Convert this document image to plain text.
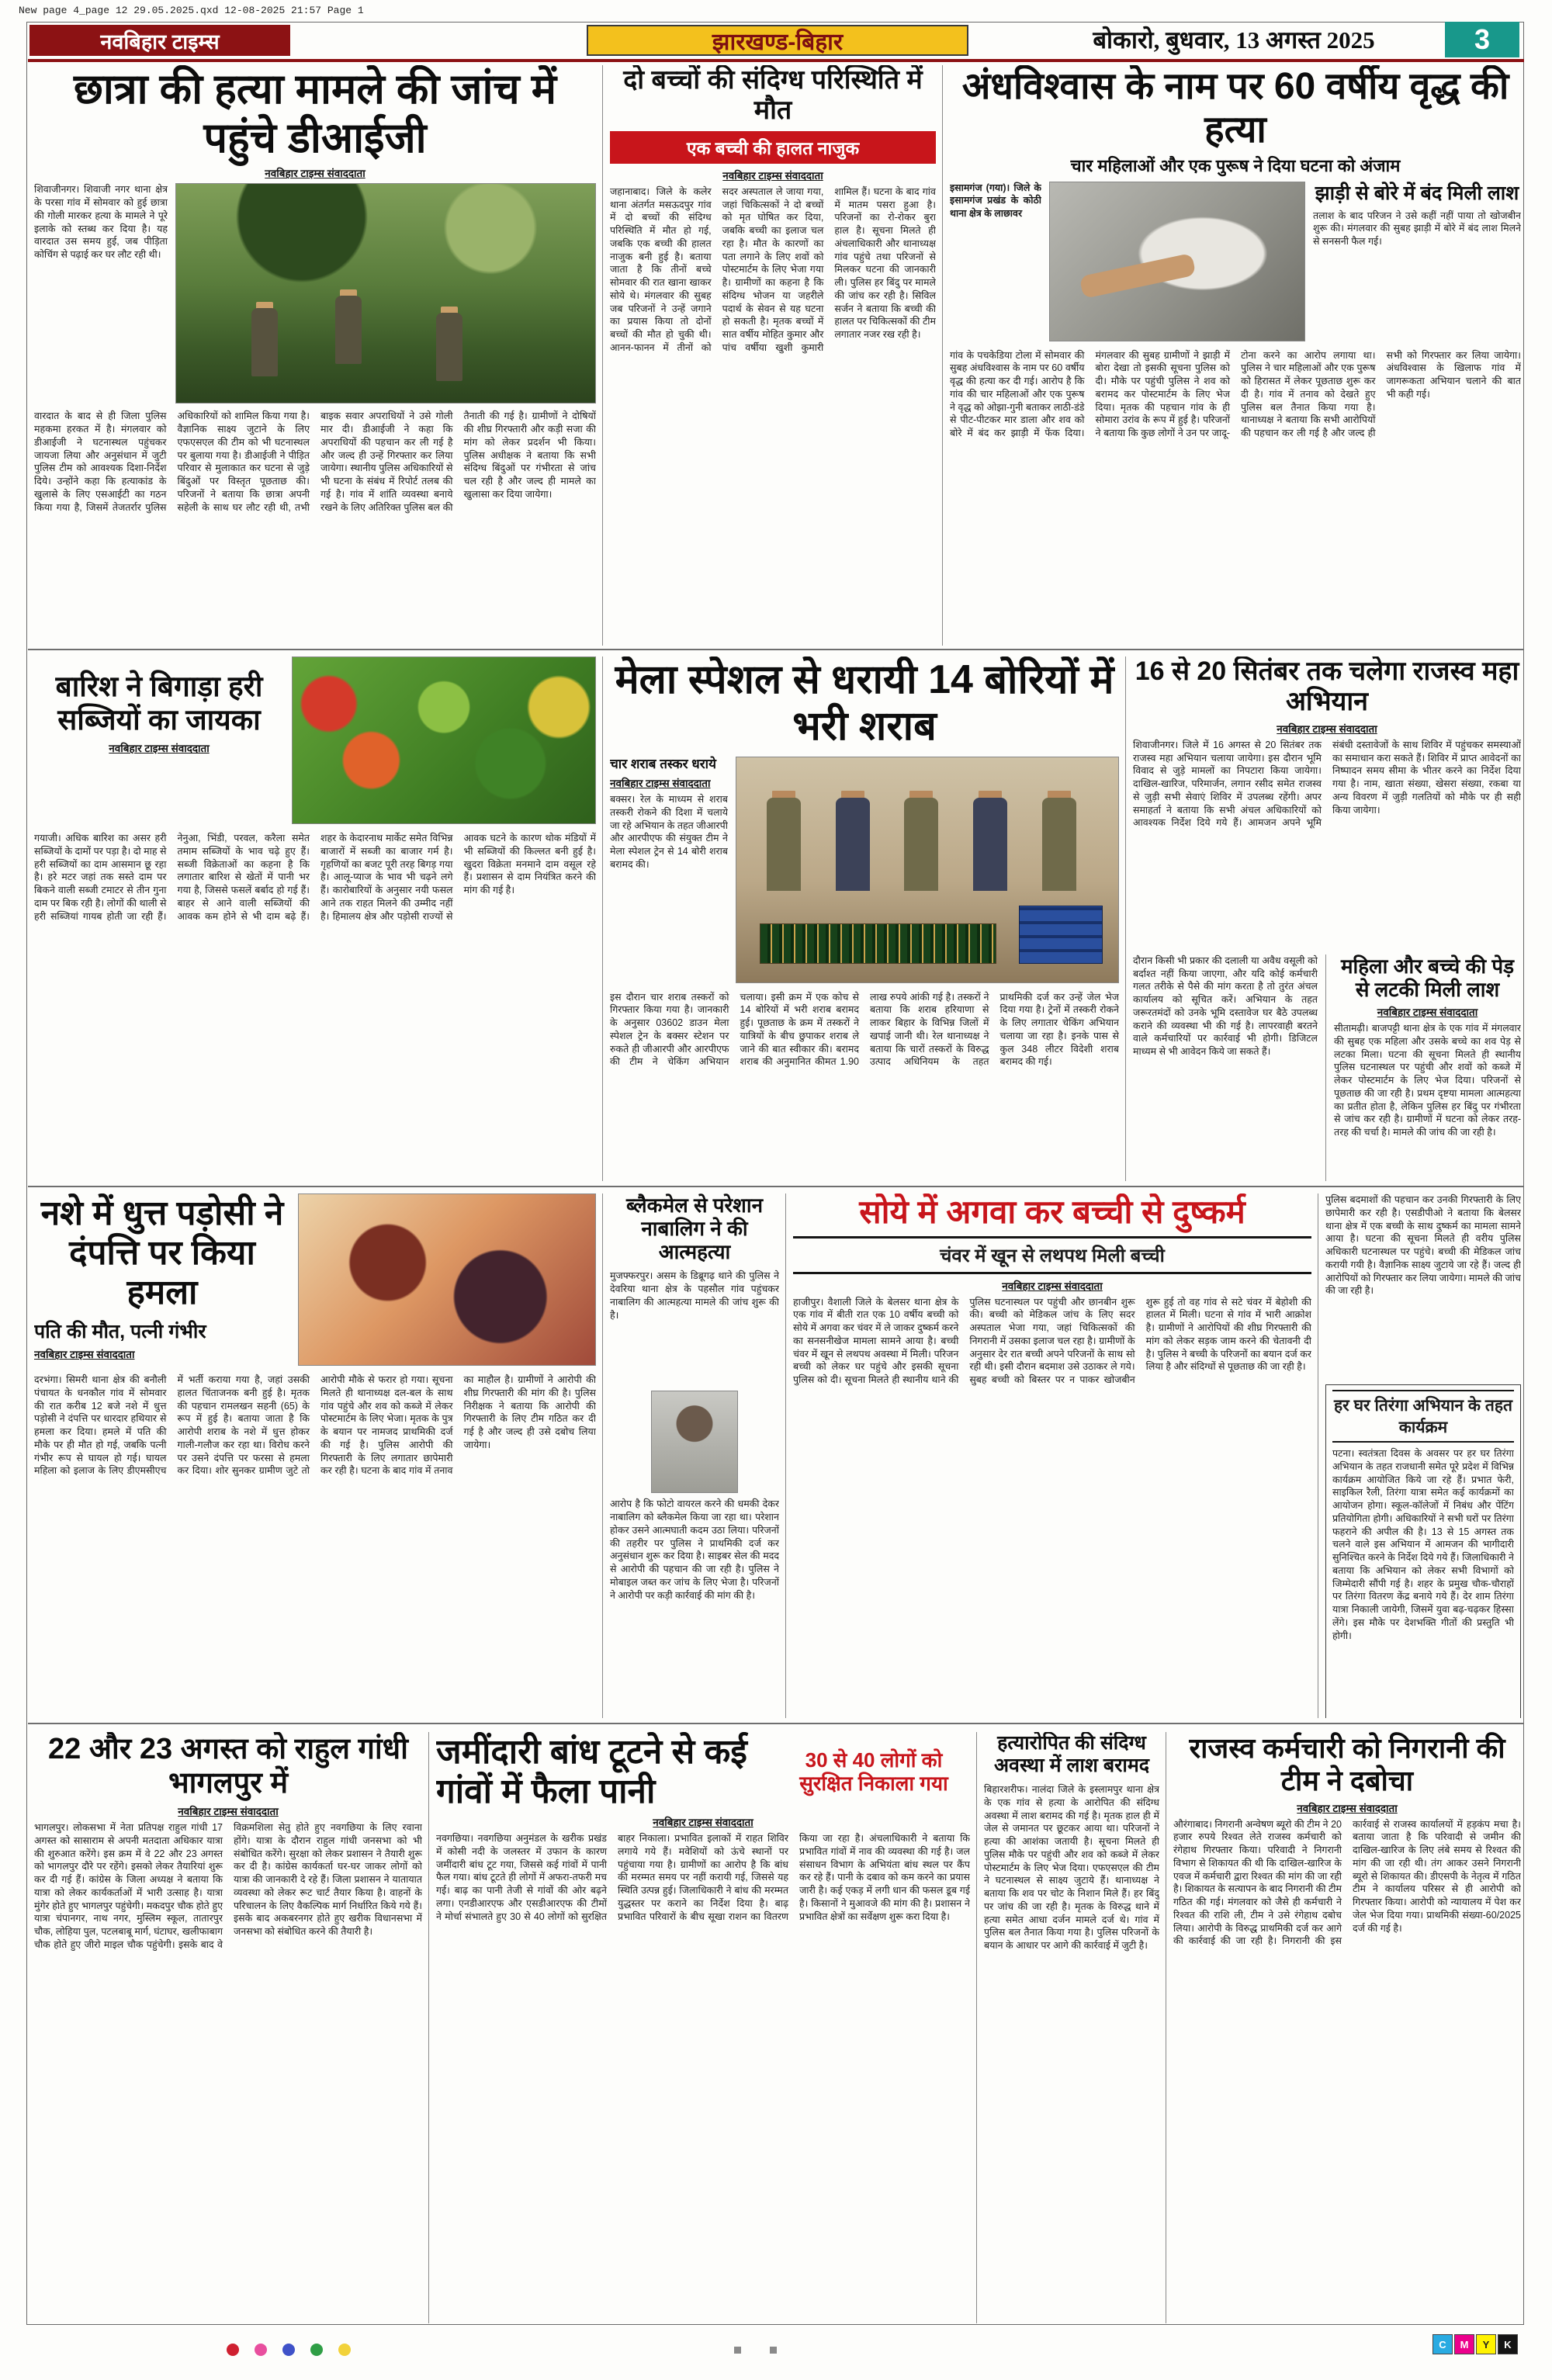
New page 4_page 12 29.05.2025.qxd 12-08-2025 21:57 Page 1
नवबिहार टाइम्स	झारखण्ड-बिहार	बोकारो, बुधवार, 13 अगस्त 2025	3
छात्रा की हत्या मामले की जांच में पहुंचे डीआईजी
नवबिहार टाइम्स संवाददाता
शिवाजीनगर। शिवाजी नगर थाना क्षेत्र के परसा गांव में सोमवार को हुई छात्रा की गोली मारकर हत्या के मामले ने पूरे इलाके को स्तब्ध कर दिया है। यह वारदात उस समय हुई, जब पीड़िता कोचिंग से पढ़ाई कर घर लौट रही थी।
वारदात के बाद से ही जिला पुलिस महकमा हरकत में है। मंगलवार को डीआईजी ने घटनास्थल पहुंचकर जायजा लिया और अनुसंधान में जुटी पुलिस टीम को आवश्यक दिशा-निर्देश दिये। उन्होंने कहा कि हत्याकांड के खुलासे के लिए एसआईटी का गठन किया गया है, जिसमें तेजतर्रार पुलिस अधिकारियों को शामिल किया गया है। वैज्ञानिक साक्ष्य जुटाने के लिए एफएसएल की टीम को भी घटनास्थल पर बुलाया गया है। डीआईजी ने पीड़ित परिवार से मुलाकात कर घटना से जुड़े बिंदुओं पर विस्तृत पूछताछ की। परिजनों ने बताया कि छात्रा अपनी सहेली के साथ घर लौट रही थी, तभी बाइक सवार अपराधियों ने उसे गोली मार दी। डीआईजी ने कहा कि अपराधियों की पहचान कर ली गई है और जल्द ही उन्हें गिरफ्तार कर लिया जायेगा। स्थानीय पुलिस अधिकारियों से भी घटना के संबंध में रिपोर्ट तलब की गई है। गांव में शांति व्यवस्था बनाये रखने के लिए अतिरिक्त पुलिस बल की तैनाती की गई है। ग्रामीणों ने दोषियों की शीघ्र गिरफ्तारी और कड़ी सजा की मांग को लेकर प्रदर्शन भी किया। पुलिस अधीक्षक ने बताया कि सभी संदिग्ध बिंदुओं पर गंभीरता से जांच चल रही है और जल्द ही मामले का खुलासा कर दिया जायेगा।
दो बच्चों की संदिग्ध परिस्थिति में मौत
एक बच्ची की हालत नाजुक
नवबिहार टाइम्स संवाददाता
जहानाबाद। जिले के कलेर थाना अंतर्गत मसऊदपुर गांव में दो बच्चों की संदिग्ध परिस्थिति में मौत हो गई, जबकि एक बच्ची की हालत नाजुक बनी हुई है। बताया जाता है कि तीनों बच्चे सोमवार की रात खाना खाकर सोये थे। मंगलवार की सुबह जब परिजनों ने उन्हें जगाने का प्रयास किया तो दोनों बच्चों की मौत हो चुकी थी। आनन-फानन में तीनों को सदर अस्पताल ले जाया गया, जहां चिकित्सकों ने दो बच्चों को मृत घोषित कर दिया, जबकि बच्ची का इलाज चल रहा है। मौत के कारणों का पता लगाने के लिए शवों को पोस्टमार्टम के लिए भेजा गया है। ग्रामीणों का कहना है कि संदिग्ध भोजन या जहरीले पदार्थ के सेवन से यह घटना हो सकती है। मृतक बच्चों में सात वर्षीय मोहित कुमार और पांच वर्षीया खुशी कुमारी शामिल हैं। घटना के बाद गांव में मातम पसरा हुआ है। परिजनों का रो-रोकर बुरा हाल है। सूचना मिलते ही अंचलाधिकारी और थानाध्यक्ष गांव पहुंचे तथा परिजनों से मिलकर घटना की जानकारी ली। पुलिस हर बिंदु पर मामले की जांच कर रही है। सिविल सर्जन ने बताया कि बच्ची की हालत पर चिकित्सकों की टीम लगातार नजर रख रही है।
अंधविश्वास के नाम पर 60 वर्षीय वृद्ध की हत्या
चार महिलाओं और एक पुरूष ने दिया घटना को अंजाम
इसामगंज (गया)। जिले के इसामगंज प्रखंड के कोठी थाना क्षेत्र के लाछावर
झाड़ी से बोरे में बंद मिली लाश
तलाश के बाद परिजन ने उसे कहीं नहीं पाया तो खोजबीन शुरू की। मंगलवार की सुबह झाड़ी में बोरे में बंद लाश मिलने से सनसनी फैल गई।
गांव के पचकेडिया टोला में सोमवार की सुबह अंधविश्वास के नाम पर 60 वर्षीय वृद्ध की हत्या कर दी गई। आरोप है कि गांव की चार महिलाओं और एक पुरूष ने वृद्ध को ओझा-गुनी बताकर लाठी-डंडे से पीट-पीटकर मार डाला और शव को बोरे में बंद कर झाड़ी में फेंक दिया। मंगलवार की सुबह ग्रामीणों ने झाड़ी में बोरा देखा तो इसकी सूचना पुलिस को दी। मौके पर पहुंची पुलिस ने शव को बरामद कर पोस्टमार्टम के लिए भेज दिया। मृतक की पहचान गांव के ही सोमारा उरांव के रूप में हुई है। परिजनों ने बताया कि कुछ लोगों ने उन पर जादू-टोना करने का आरोप लगाया था। पुलिस ने चार महिलाओं और एक पुरूष को हिरासत में लेकर पूछताछ शुरू कर दी है। गांव में तनाव को देखते हुए पुलिस बल तैनात किया गया है। थानाध्यक्ष ने बताया कि सभी आरोपियों की पहचान कर ली गई है और जल्द ही सभी को गिरफ्तार कर लिया जायेगा। अंधविश्वास के खिलाफ गांव में जागरूकता अभियान चलाने की बात भी कही गई।
बारिश ने बिगाड़ा हरी सब्जियों का जायका
नवबिहार टाइम्स संवाददाता
गयाजी। अधिक बारिश का असर हरी सब्जियों के दामों पर पड़ा है। दो माह से हरी सब्जियों का दाम आसमान छू रहा है। हरे मटर जहां तक सस्ते दाम पर बिकने वाली सब्जी टमाटर से तीन गुना दाम पर बिक रही है। लोगों की थाली से हरी सब्जियां गायब होती जा रही हैं। नेनुआ, भिंडी, परवल, करैला समेत तमाम सब्जियों के भाव चढ़े हुए हैं। सब्जी विक्रेताओं का कहना है कि लगातार बारिश से खेतों में पानी भर गया है, जिससे फसलें बर्बाद हो गई हैं। बाहर से आने वाली सब्जियों की आवक कम होने से भी दाम बढ़े हैं। शहर के केदारनाथ मार्केट समेत विभिन्न बाजारों में सब्जी का बाजार गर्म है। गृहणियों का बजट पूरी तरह बिगड़ गया है। आलू-प्याज के भाव भी चढ़ने लगे हैं। कारोबारियों के अनुसार नयी फसल आने तक राहत मिलने की उम्मीद नहीं है। हिमालय क्षेत्र और पड़ोसी राज्यों से आवक घटने के कारण थोक मंडियों में भी सब्जियों की किल्लत बनी हुई है। खुदरा विक्रेता मनमाने दाम वसूल रहे हैं। प्रशासन से दाम नियंत्रित करने की मांग की गई है।
मेला स्पेशल से धरायी 14 बोरियों में भरी शराब
चार शराब तस्कर धराये
नवबिहार टाइम्स संवाददाता
बक्सर। रेल के माध्यम से शराब तस्करी रोकने की दिशा में चलाये जा रहे अभियान के तहत जीआरपी और आरपीएफ की संयुक्त टीम ने मेला स्पेशल ट्रेन से 14 बोरी शराब बरामद की।
इस दौरान चार शराब तस्करों को गिरफ्तार किया गया है। जानकारी के अनुसार 03602 डाउन मेला स्पेशल ट्रेन के बक्सर स्टेशन पर रुकते ही जीआरपी और आरपीएफ की टीम ने चेकिंग अभियान चलाया। इसी क्रम में एक कोच से 14 बोरियों में भरी शराब बरामद हुई। पूछताछ के क्रम में तस्करों ने यात्रियों के बीच छुपाकर शराब ले जाने की बात स्वीकार की। बरामद शराब की अनुमानित कीमत 1.90 लाख रुपये आंकी गई है। तस्करों ने बताया कि शराब हरियाणा से लाकर बिहार के विभिन्न जिलों में खपाई जानी थी। रेल थानाध्यक्ष ने बताया कि चारों तस्करों के विरुद्ध उत्पाद अधिनियम के तहत प्राथमिकी दर्ज कर उन्हें जेल भेज दिया गया है। ट्रेनों में तस्करी रोकने के लिए लगातार चेकिंग अभियान चलाया जा रहा है। इनके पास से कुल 348 लीटर विदेशी शराब बरामद की गई।
16 से 20 सितंबर तक चलेगा राजस्व महा अभियान
नवबिहार टाइम्स संवाददाता
शिवाजीनगर। जिले में 16 अगस्त से 20 सितंबर तक राजस्व महा अभियान चलाया जायेगा। इस दौरान भूमि विवाद से जुड़े मामलों का निपटारा किया जायेगा। दाखिल-खारिज, परिमार्जन, लगान रसीद समेत राजस्व से जुड़ी सभी सेवाएं शिविर में उपलब्ध रहेंगी। अपर समाहर्ता ने बताया कि सभी अंचल अधिकारियों को आवश्यक निर्देश दिये गये हैं। आमजन अपने भूमि संबंधी दस्तावेजों के साथ शिविर में पहुंचकर समस्याओं का समाधान करा सकते हैं। शिविर में प्राप्त आवेदनों का निष्पादन समय सीमा के भीतर करने का निर्देश दिया गया है। नाम, खाता संख्या, खेसरा संख्या, रकबा या अन्य विवरण में जुड़ी गलतियों को मौके पर ही सही किया जायेगा।
दौरान किसी भी प्रकार की दलाली या अवैध वसूली को बर्दाश्त नहीं किया जाएगा, और यदि कोई कर्मचारी गलत तरीके से पैसे की मांग करता है तो तुरंत अंचल कार्यालय को सूचित करें। अभियान के तहत जरूरतमंदों को उनके भूमि दस्तावेज घर बैठे उपलब्ध कराने की व्यवस्था भी की गई है। लापरवाही बरतने वाले कर्मचारियों पर कार्रवाई भी होगी। डिजिटल माध्यम से भी आवेदन किये जा सकते हैं।
महिला और बच्चे की पेड़ से लटकी मिली लाश
नवबिहार टाइम्स संवाददाता
सीतामढ़ी। बाजपट्टी थाना क्षेत्र के एक गांव में मंगलवार की सुबह एक महिला और उसके बच्चे का शव पेड़ से लटका मिला। घटना की सूचना मिलते ही स्थानीय पुलिस घटनास्थल पर पहुंची और शवों को कब्जे में लेकर पोस्टमार्टम के लिए भेज दिया। परिजनों से पूछताछ की जा रही है। प्रथम दृष्टया मामला आत्महत्या का प्रतीत होता है, लेकिन पुलिस हर बिंदु पर गंभीरता से जांच कर रही है। ग्रामीणों में घटना को लेकर तरह-तरह की चर्चा है। मामले की जांच की जा रही है।
नशे में धुत्त पड़ोसी ने दंपत्ति पर किया हमला
पति की मौत, पत्नी गंभीर
नवबिहार टाइम्स संवाददाता
दरभंगा। सिमरी थाना क्षेत्र की बनौली पंचायत के धनकौल गांव में सोमवार की रात करीब 12 बजे नशे में धुत्त पड़ोसी ने दंपत्ति पर धारदार हथियार से हमला कर दिया। हमले में पति की मौके पर ही मौत हो गई, जबकि पत्नी गंभीर रूप से घायल हो गई। घायल महिला को इलाज के लिए डीएमसीएच में भर्ती कराया गया है, जहां उसकी हालत चिंताजनक बनी हुई है। मृतक की पहचान रामलखन सहनी (65) के रूप में हुई है। बताया जाता है कि आरोपी शराब के नशे में धुत्त होकर गाली-गलौज कर रहा था। विरोध करने पर उसने दंपत्ति पर फरसा से हमला कर दिया। शोर सुनकर ग्रामीण जुटे तो आरोपी मौके से फरार हो गया। सूचना मिलते ही थानाध्यक्ष दल-बल के साथ गांव पहुंचे और शव को कब्जे में लेकर पोस्टमार्टम के लिए भेजा। मृतक के पुत्र के बयान पर नामजद प्राथमिकी दर्ज की गई है। पुलिस आरोपी की गिरफ्तारी के लिए लगातार छापेमारी कर रही है। घटना के बाद गांव में तनाव का माहौल है। ग्रामीणों ने आरोपी की शीघ्र गिरफ्तारी की मांग की है। पुलिस निरीक्षक ने बताया कि आरोपी की गिरफ्तारी के लिए टीम गठित कर दी गई है और जल्द ही उसे दबोच लिया जायेगा।
ब्लैकमेल से परेशान नाबालिग ने की आत्महत्या
मुजफ्फरपुर। असम के डिब्रूगढ़ थाने की पुलिस ने देवरिया थाना क्षेत्र के पहसौल गांव पहुंचकर नाबालिग की आत्महत्या मामले की जांच शुरू की है।
आरोप है कि फोटो वायरल करने की धमकी देकर नाबालिग को ब्लैकमेल किया जा रहा था। परेशान होकर उसने आत्मघाती कदम उठा लिया। परिजनों की तहरीर पर पुलिस ने प्राथमिकी दर्ज कर अनुसंधान शुरू कर दिया है। साइबर सेल की मदद से आरोपी की पहचान की जा रही है। पुलिस ने मोबाइल जब्त कर जांच के लिए भेजा है। परिजनों ने आरोपी पर कड़ी कार्रवाई की मांग की है।
सोये में अगवा कर बच्ची से दुष्कर्म
चंवर में खून से लथपथ मिली बच्ची
नवबिहार टाइम्स संवाददाता
हाजीपुर। वैशाली जिले के बेलसर थाना क्षेत्र के एक गांव में बीती रात एक 10 वर्षीय बच्ची को सोये में अगवा कर चंवर में ले जाकर दुष्कर्म करने का सनसनीखेज मामला सामने आया है। बच्ची चंवर में खून से लथपथ अवस्था में मिली। परिजन बच्ची को लेकर घर पहुंचे और इसकी सूचना पुलिस को दी। सूचना मिलते ही स्थानीय थाने की पुलिस घटनास्थल पर पहुंची और छानबीन शुरू की। बच्ची को मेडिकल जांच के लिए सदर अस्पताल भेजा गया, जहां चिकित्सकों की निगरानी में उसका इलाज चल रहा है। ग्रामीणों के अनुसार देर रात बच्ची अपने परिजनों के साथ सो रही थी। इसी दौरान बदमाश उसे उठाकर ले गये। सुबह बच्ची को बिस्तर पर न पाकर खोजबीन शुरू हुई तो वह गांव से सटे चंवर में बेहोशी की हालत में मिली। घटना से गांव में भारी आक्रोश है। ग्रामीणों ने आरोपियों की शीघ्र गिरफ्तारी की मांग को लेकर सड़क जाम करने की चेतावनी दी है। पुलिस ने बच्ची के परिजनों का बयान दर्ज कर लिया है और संदिग्धों से पूछताछ की जा रही है।
पुलिस बदमाशों की पहचान कर उनकी गिरफ्तारी के लिए छापेमारी कर रही है। एसडीपीओ ने बताया कि बेलसर थाना क्षेत्र में एक बच्ची के साथ दुष्कर्म का मामला सामने आया है। घटना की सूचना मिलते ही वरीय पुलिस अधिकारी घटनास्थल पर पहुंचे। बच्ची की मेडिकल जांच करायी गयी है। वैज्ञानिक साक्ष्य जुटाये जा रहे हैं। जल्द ही आरोपियों को गिरफ्तार कर लिया जायेगा। मामले की जांच की जा रही है।
हर घर तिरंगा अभियान के तहत कार्यक्रम
पटना। स्वतंत्रता दिवस के अवसर पर हर घर तिरंगा अभियान के तहत राजधानी समेत पूरे प्रदेश में विभिन्न कार्यक्रम आयोजित किये जा रहे हैं। प्रभात फेरी, साइकिल रैली, तिरंगा यात्रा समेत कई कार्यक्रमों का आयोजन होगा। स्कूल-कॉलेजों में निबंध और पेंटिंग प्रतियोगिता होगी। अधिकारियों ने सभी घरों पर तिरंगा फहराने की अपील की है। 13 से 15 अगस्त तक चलने वाले इस अभियान में आमजन की भागीदारी सुनिश्चित करने के निर्देश दिये गये हैं। जिलाधिकारी ने बताया कि अभियान को लेकर सभी विभागों को जिम्मेदारी सौंपी गई है। शहर के प्रमुख चौक-चौराहों पर तिरंगा वितरण केंद्र बनाये गये हैं। देर शाम तिरंगा यात्रा निकाली जायेगी, जिसमें युवा बढ़-चढ़कर हिस्सा लेंगे। इस मौके पर देशभक्ति गीतों की प्रस्तुति भी होगी।
22 और 23 अगस्त को राहुल गांधी भागलपुर में
नवबिहार टाइम्स संवाददाता
भागलपुर। लोकसभा में नेता प्रतिपक्ष राहुल गांधी 17 अगस्त को सासाराम से अपनी मतदाता अधिकार यात्रा की शुरुआत करेंगे। इस क्रम में वे 22 और 23 अगस्त को भागलपुर दौरे पर रहेंगे। इसको लेकर तैयारियां शुरू कर दी गई हैं। कांग्रेस के जिला अध्यक्ष ने बताया कि यात्रा को लेकर कार्यकर्ताओं में भारी उत्साह है। यात्रा मुंगेर होते हुए भागलपुर पहुंचेगी। मकदपुर चौक होते हुए यात्रा चंपानगर, नाथ नगर, मुस्लिम स्कूल, तातारपुर चौक, लोहिया पुल, पटलबाबू मार्ग, घंटाघर, खलीफाबाग चौक होते हुए जीरो माइल चौक पहुंचेगी। इसके बाद वे विक्रमशिला सेतु होते हुए नवगछिया के लिए रवाना होंगे। यात्रा के दौरान राहुल गांधी जनसभा को भी संबोधित करेंगे। सुरक्षा को लेकर प्रशासन ने तैयारी शुरू कर दी है। कांग्रेस कार्यकर्ता घर-घर जाकर लोगों को यात्रा की जानकारी दे रहे हैं। जिला प्रशासन ने यातायात व्यवस्था को लेकर रूट चार्ट तैयार किया है। वाहनों के परिचालन के लिए वैकल्पिक मार्ग निर्धारित किये गये हैं। इसके बाद अकबरनगर होते हुए खरीक विधानसभा में जनसभा को संबोधित करने की तैयारी है।
जमींदारी बांध टूटने से कई गांवों में फैला पानी
30 से 40 लोगों को सुरक्षित निकाला गया
नवबिहार टाइम्स संवाददाता
नवगछिया। नवगछिया अनुमंडल के खरीक प्रखंड में कोसी नदी के जलस्तर में उफान के कारण जमींदारी बांध टूट गया, जिससे कई गांवों में पानी फैल गया। बांध टूटते ही लोगों में अफरा-तफरी मच गई। बाढ़ का पानी तेजी से गांवों की ओर बढ़ने लगा। एनडीआरएफ और एसडीआरएफ की टीमों ने मोर्चा संभालते हुए 30 से 40 लोगों को सुरक्षित बाहर निकाला। प्रभावित इलाकों में राहत शिविर लगाये गये हैं। मवेशियों को ऊंचे स्थानों पर पहुंचाया गया है। ग्रामीणों का आरोप है कि बांध की मरम्मत समय पर नहीं करायी गई, जिससे यह स्थिति उत्पन्न हुई। जिलाधिकारी ने बांध की मरम्मत युद्धस्तर पर कराने का निर्देश दिया है। बाढ़ प्रभावित परिवारों के बीच सूखा राशन का वितरण किया जा रहा है। अंचलाधिकारी ने बताया कि प्रभावित गांवों में नाव की व्यवस्था की गई है। जल संसाधन विभाग के अभियंता बांध स्थल पर कैंप कर रहे हैं। पानी के दबाव को कम करने का प्रयास जारी है। कई एकड़ में लगी धान की फसल डूब गई है। किसानों ने मुआवजे की मांग की है। प्रशासन ने प्रभावित क्षेत्रों का सर्वेक्षण शुरू करा दिया है।
हत्यारोपित की संदिग्ध अवस्था में लाश बरामद
बिहारशरीफ। नालंदा जिले के इस्लामपुर थाना क्षेत्र के एक गांव से हत्या के आरोपित की संदिग्ध अवस्था में लाश बरामद की गई है। मृतक हाल ही में जेल से जमानत पर छूटकर आया था। परिजनों ने हत्या की आशंका जतायी है। सूचना मिलते ही पुलिस मौके पर पहुंची और शव को कब्जे में लेकर पोस्टमार्टम के लिए भेज दिया। एफएसएल की टीम ने घटनास्थल से साक्ष्य जुटाये हैं। थानाध्यक्ष ने बताया कि शव पर चोट के निशान मिले हैं। हर बिंदु पर जांच की जा रही है। मृतक के विरुद्ध थाने में हत्या समेत आधा दर्जन मामले दर्ज थे। गांव में पुलिस बल तैनात किया गया है। पुलिस परिजनों के बयान के आधार पर आगे की कार्रवाई में जुटी है।
राजस्व कर्मचारी को निगरानी की टीम ने दबोचा
नवबिहार टाइम्स संवाददाता
औरंगाबाद। निगरानी अन्वेषण ब्यूरो की टीम ने 20 हजार रुपये रिश्वत लेते राजस्व कर्मचारी को रंगेहाथ गिरफ्तार किया। परिवादी ने निगरानी विभाग से शिकायत की थी कि दाखिल-खारिज के एवज में कर्मचारी द्वारा रिश्वत की मांग की जा रही है। शिकायत के सत्यापन के बाद निगरानी की टीम गठित की गई। मंगलवार को जैसे ही कर्मचारी ने रिश्वत की राशि ली, टीम ने उसे रंगेहाथ दबोच लिया। आरोपी के विरुद्ध प्राथमिकी दर्ज कर आगे की कार्रवाई की जा रही है। निगरानी की इस कार्रवाई से राजस्व कार्यालयों में हड़कंप मचा है। बताया जाता है कि परिवादी से जमीन की दाखिल-खारिज के लिए लंबे समय से रिश्वत की मांग की जा रही थी। तंग आकर उसने निगरानी ब्यूरो से शिकायत की। डीएसपी के नेतृत्व में गठित टीम ने कार्यालय परिसर से ही आरोपी को गिरफ्तार किया। आरोपी को न्यायालय में पेश कर जेल भेज दिया गया। प्राथमिकी संख्या-60/2025 दर्ज की गई है।
C	M	Y	K
